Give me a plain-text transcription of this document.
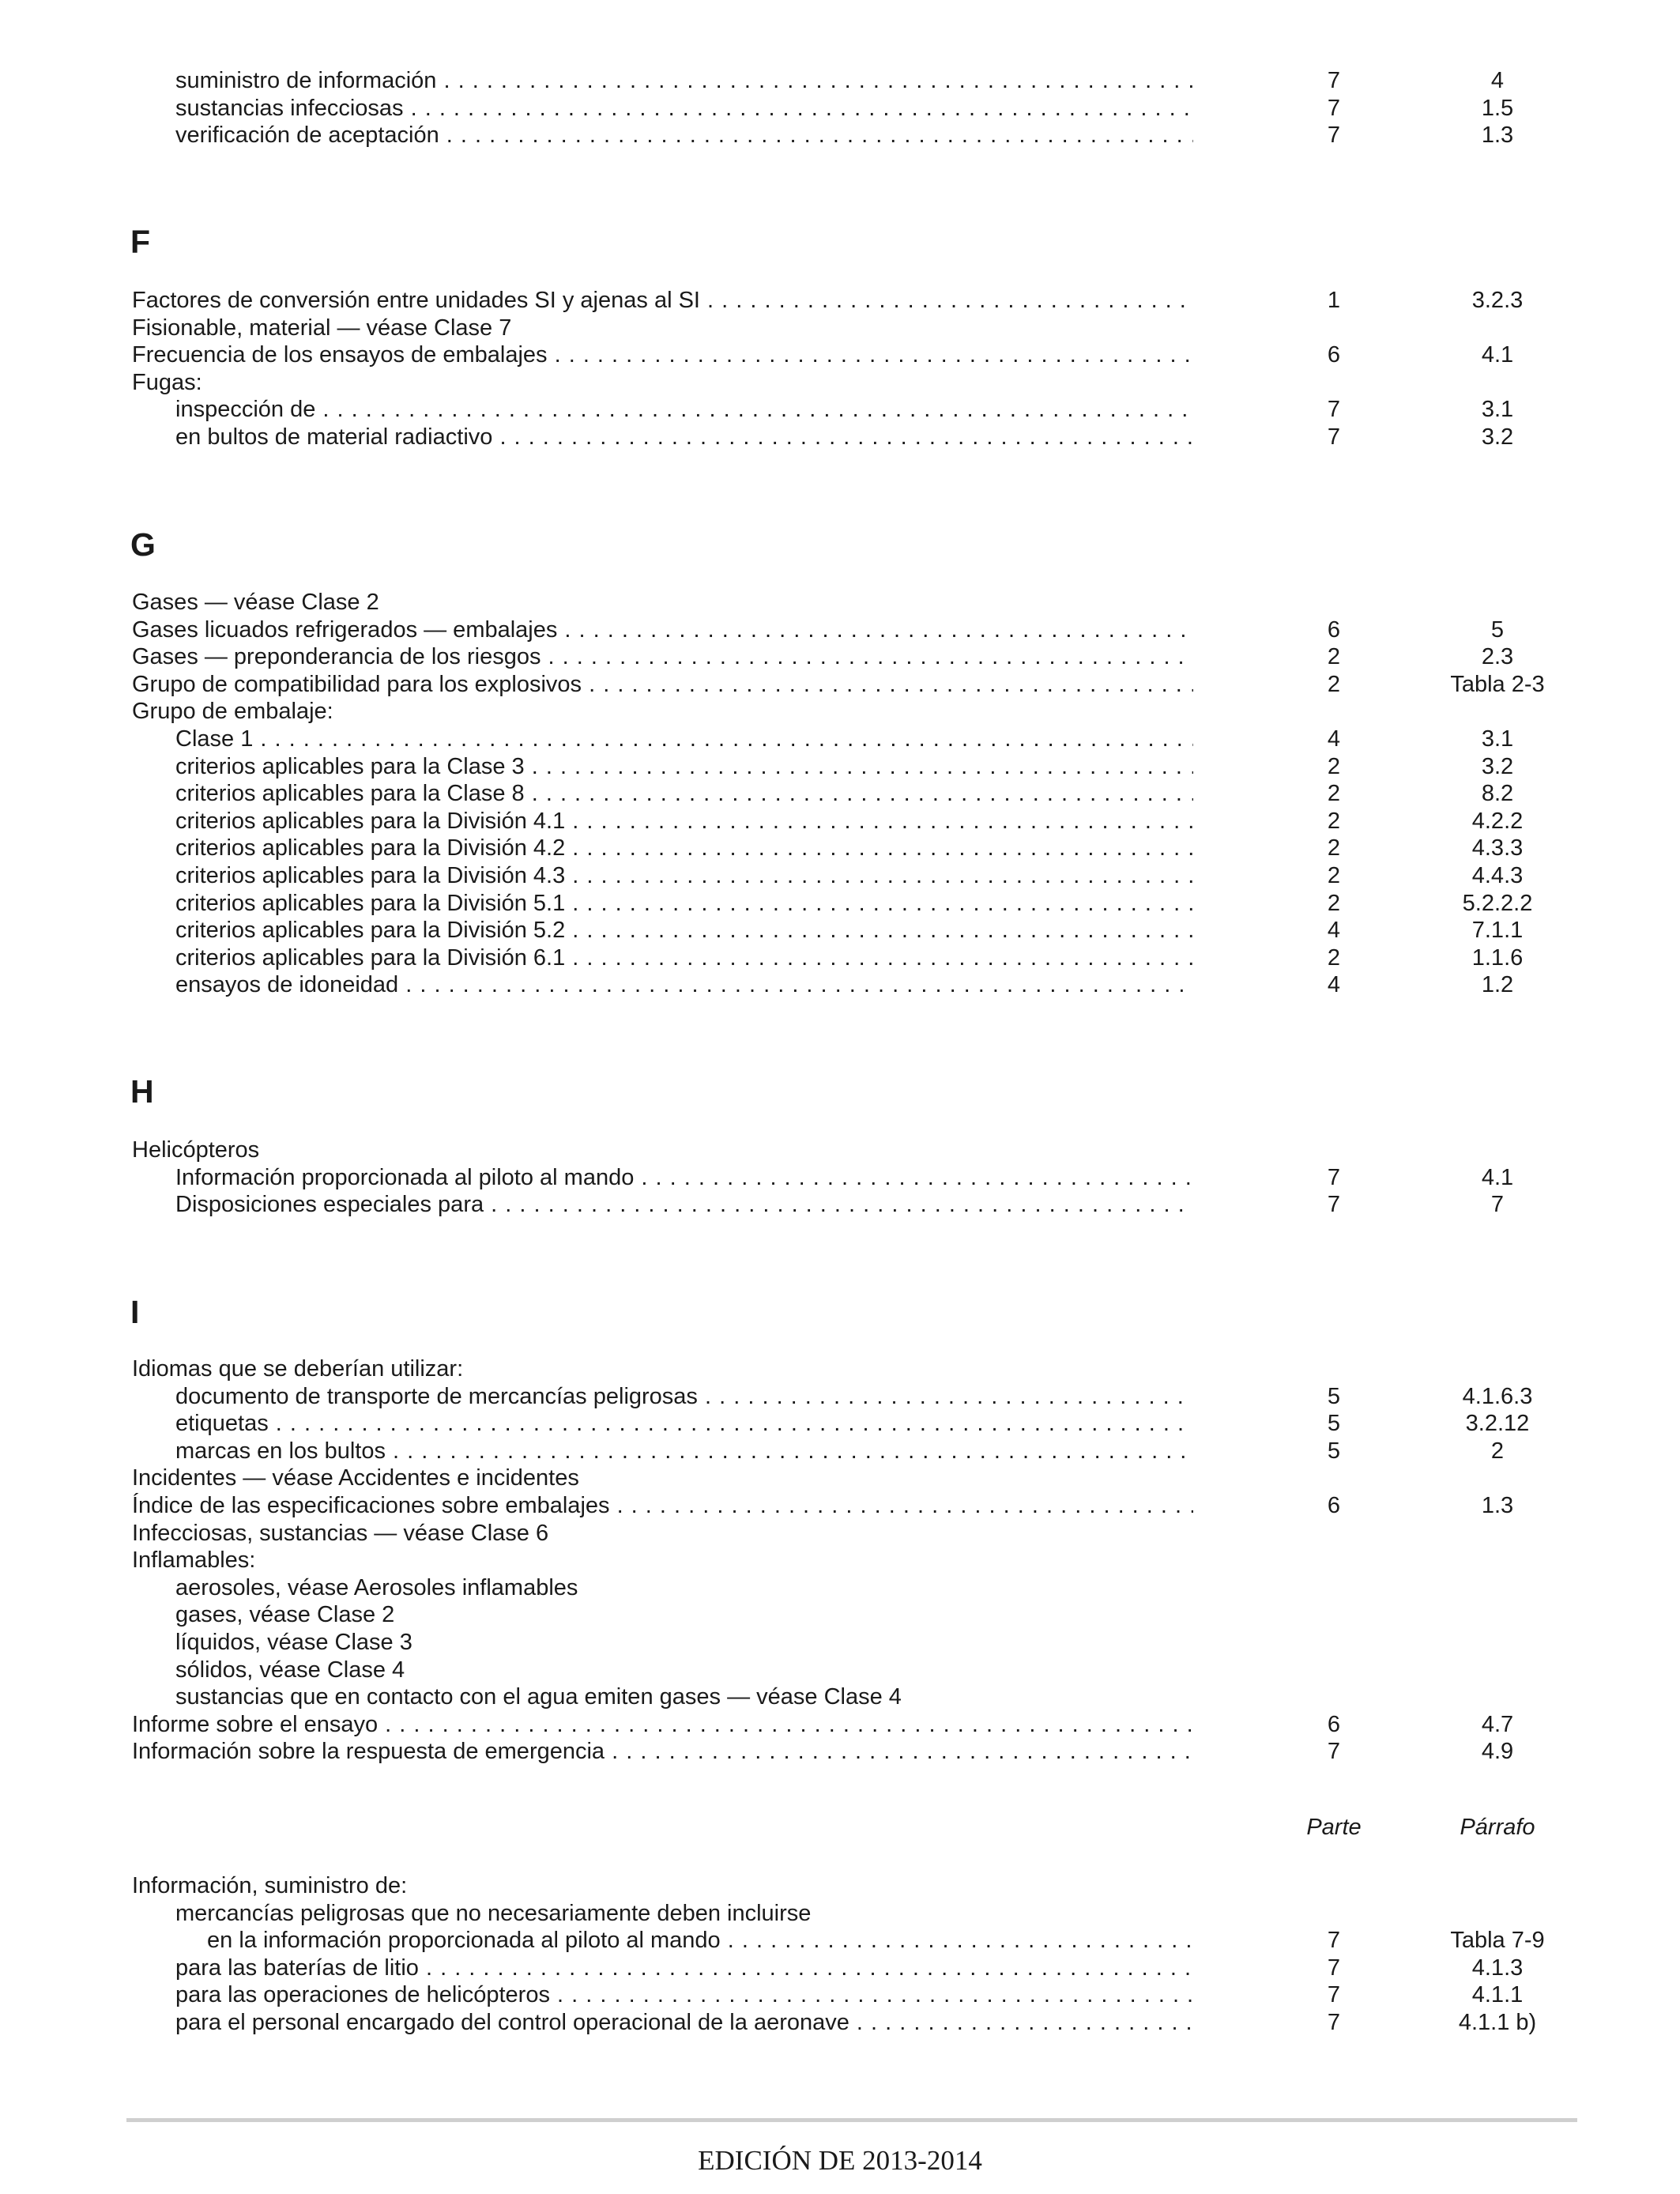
suministro de información . . .	7	4
sustancias infecciosas . . .	7	1.5
verificación de aceptación . . .	7	1.3
F
Factores de conversión entre unidades SI y ajenas al SI . . .	1	3.2.3
Fisionable, material — véase Clase 7
Frecuencia de los ensayos de embalajes . . .	6	4.1
Fugas:
inspección de . . .	7	3.1
en bultos de material radiactivo . . .	7	3.2
G
Gases — véase Clase 2
Gases licuados refrigerados — embalajes . . .	6	5
Gases — preponderancia de los riesgos . . .	2	2.3
Grupo de compatibilidad para los explosivos . . .	2	Tabla 2-3
Grupo de embalaje:
Clase 1 . . .	4	3.1
criterios aplicables para la Clase 3 . . .	2	3.2
criterios aplicables para la Clase 8 . . .	2	8.2
criterios aplicables para la División 4.1 . . .	2	4.2.2
criterios aplicables para la División 4.2 . . .	2	4.3.3
criterios aplicables para la División 4.3 . . .	2	4.4.3
criterios aplicables para la División 5.1 . . .	2	5.2.2.2
criterios aplicables para la División 5.2 . . .	4	7.1.1
criterios aplicables para la División 6.1 . . .	2	1.1.6
ensayos de idoneidad . . .	4	1.2
H
Helicópteros
Información proporcionada al piloto al mando . . .	7	4.1
Disposiciones especiales para . . .	7	7
I
Idiomas que se deberían utilizar:
documento de transporte de mercancías peligrosas . . .	5	4.1.6.3
etiquetas . . .	5	3.2.12
marcas en los bultos . . .	5	2
Incidentes — véase Accidentes e incidentes
Índice de las especificaciones sobre embalajes . . .	6	1.3
Infecciosas, sustancias — véase Clase 6
Inflamables:
aerosoles, véase Aerosoles inflamables
gases, véase Clase 2
líquidos, véase Clase 3
sólidos, véase Clase 4
sustancias que en contacto con el agua emiten gases — véase Clase 4
Informe sobre el ensayo . . .	6	4.7
Información sobre la respuesta de emergencia . . .	7	4.9
Información, suministro de:
mercancías peligrosas que no necesariamente deben incluirse
en la información proporcionada al piloto al mando . . .	7	Tabla 7-9
para las baterías de litio . . .	7	4.1.3
para las operaciones de helicópteros . . .	7	4.1.1
para el personal encargado del control operacional de la aeronave . . .	7	4.1.1 b)
Parte	Párrafo
EDICIÓN DE 2013-2014
